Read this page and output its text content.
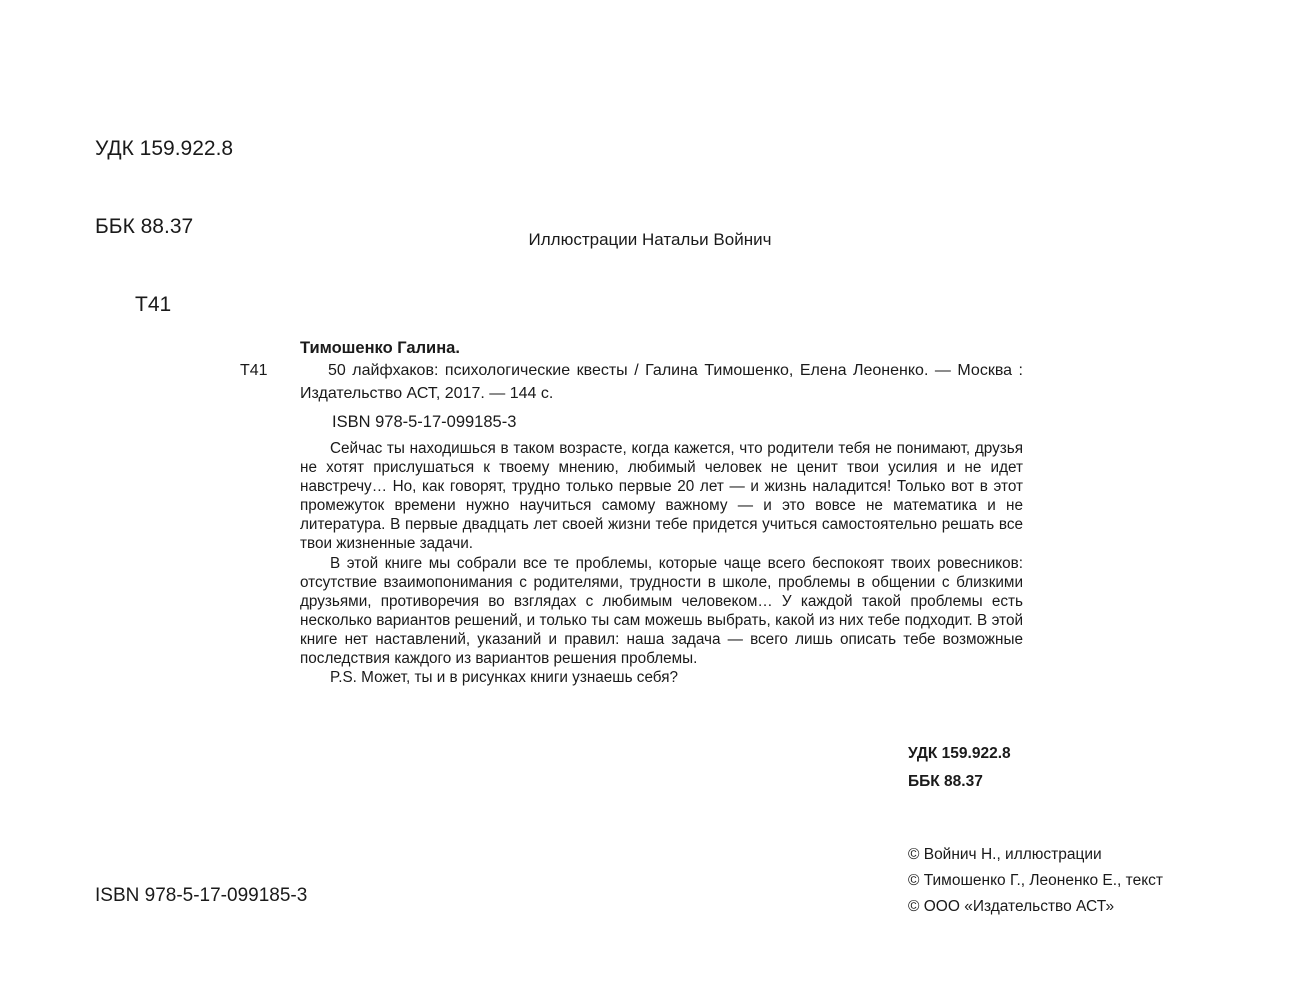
УДК 159.922.8

ББК 88.37

Т41

Иллюстрации Натальи Войнич
Тимошенко Галина.

Т41	50 лайфхаков: психологические квесты / Галина Тимошенко, Елена Леоненко. — Москва : Издательство АСТ, 2017. — 144 с.

ISBN 978-5-17-099185-3

Сейчас ты находишься в таком возрасте, когда кажется, что родители тебя не понимают, друзья не хотят прислушаться к твоему мнению, любимый человек не ценит твои усилия и не идет навстречу… Но, как говорят, трудно только первые 20 лет — и жизнь наладится! Только вот в этот промежуток времени нужно научиться самому важному — и это вовсе не математика и не литература. В первые двадцать лет своей жизни тебе придется учиться самостоятельно решать все твои жизненные задачи.

В этой книге мы собрали все те проблемы, которые чаще всего беспокоят твоих ровесников: отсутствие взаимопонимания с родителями, трудности в школе, проблемы в общении с близкими друзьями, противоречия во взглядах с любимым человеком… У каждой такой проблемы есть несколько вариантов решений, и только ты сам можешь выбрать, какой из них тебе подходит. В этой книге нет наставлений, указаний и правил: наша задача — всего лишь описать тебе возможные последствия каждого из вариантов решения проблемы.

P.S. Может, ты и в рисунках книги узнаешь себя?

УДК 159.922.8
ББК 88.37
© Войнич Н., иллюстрации
© Тимошенко Г., Леоненко Е., текст
© ООО «Издательство АСТ»
ISBN 978-5-17-099185-3
